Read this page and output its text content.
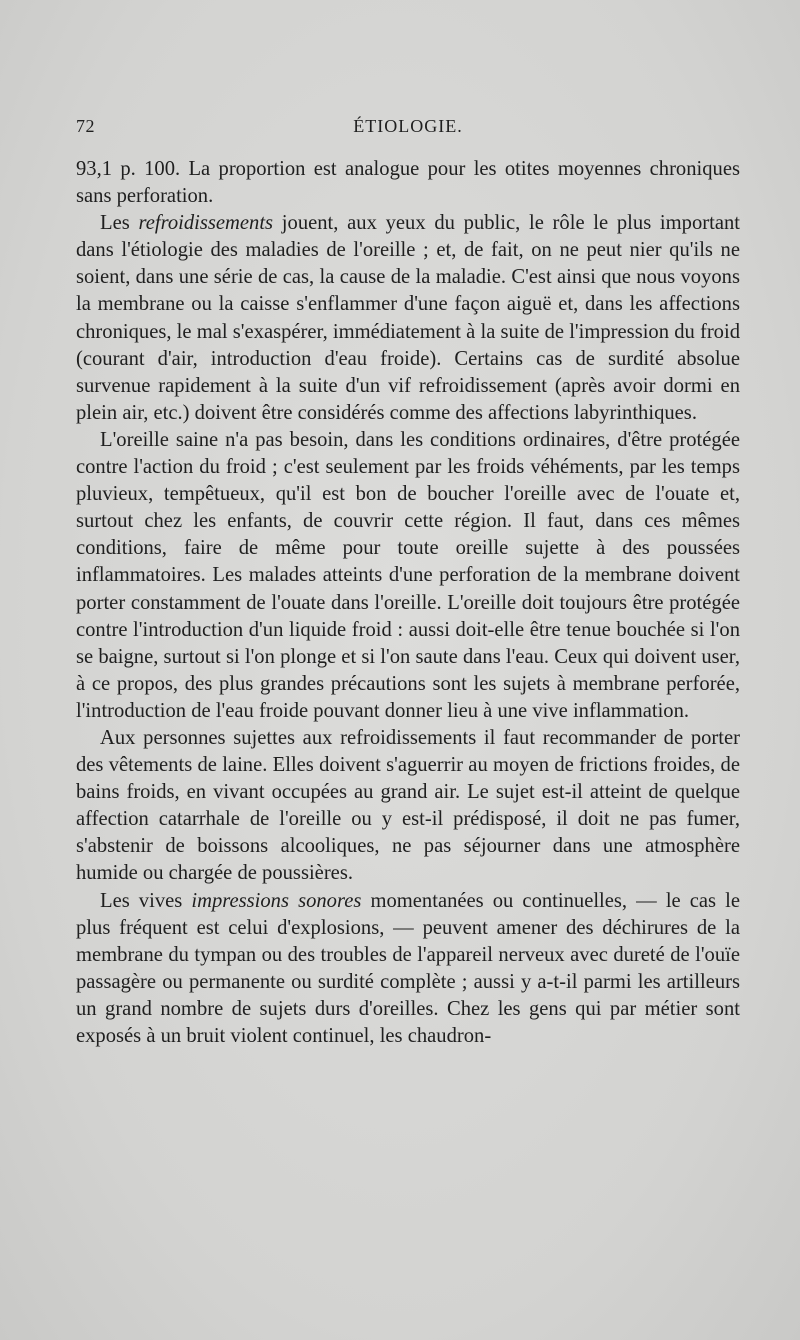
72	ÉTIOLOGIE.

93,1 p. 100. La proportion est analogue pour les otites moyennes chroniques sans perforation.

Les refroidissements jouent, aux yeux du public, le rôle le plus important dans l'étiologie des maladies de l'oreille ; et, de fait, on ne peut nier qu'ils ne soient, dans une série de cas, la cause de la maladie. C'est ainsi que nous voyons la membrane ou la caisse s'enflammer d'une façon aiguë et, dans les affections chroniques, le mal s'exaspérer, immédiatement à la suite de l'impression du froid (courant d'air, introduction d'eau froide). Certains cas de surdité absolue survenue rapidement à la suite d'un vif refroidissement (après avoir dormi en plein air, etc.) doivent être considérés comme des affections labyrinthiques.

L'oreille saine n'a pas besoin, dans les conditions ordinaires, d'être protégée contre l'action du froid ; c'est seulement par les froids véhéments, par les temps pluvieux, tempêtueux, qu'il est bon de boucher l'oreille avec de l'ouate et, surtout chez les enfants, de couvrir cette région. Il faut, dans ces mêmes conditions, faire de même pour toute oreille sujette à des poussées inflammatoires. Les malades atteints d'une perforation de la membrane doivent porter constamment de l'ouate dans l'oreille. L'oreille doit toujours être protégée contre l'introduction d'un liquide froid : aussi doit-elle être tenue bouchée si l'on se baigne, surtout si l'on plonge et si l'on saute dans l'eau. Ceux qui doivent user, à ce propos, des plus grandes précautions sont les sujets à membrane perforée, l'introduction de l'eau froide pouvant donner lieu à une vive inflammation.

Aux personnes sujettes aux refroidissements il faut recommander de porter des vêtements de laine. Elles doivent s'aguerrir au moyen de frictions froides, de bains froids, en vivant occupées au grand air. Le sujet est-il atteint de quelque affection catarrhale de l'oreille ou y est-il prédisposé, il doit ne pas fumer, s'abstenir de boissons alcooliques, ne pas séjourner dans une atmosphère humide ou chargée de poussières.

Les vives impressions sonores momentanées ou continuelles, — le cas le plus fréquent est celui d'explosions, — peuvent amener des déchirures de la membrane du tympan ou des troubles de l'appareil nerveux avec dureté de l'ouïe passagère ou permanente ou surdité complète ; aussi y a-t-il parmi les artilleurs un grand nombre de sujets durs d'oreilles. Chez les gens qui par métier sont exposés à un bruit violent continuel, les chaudron-
